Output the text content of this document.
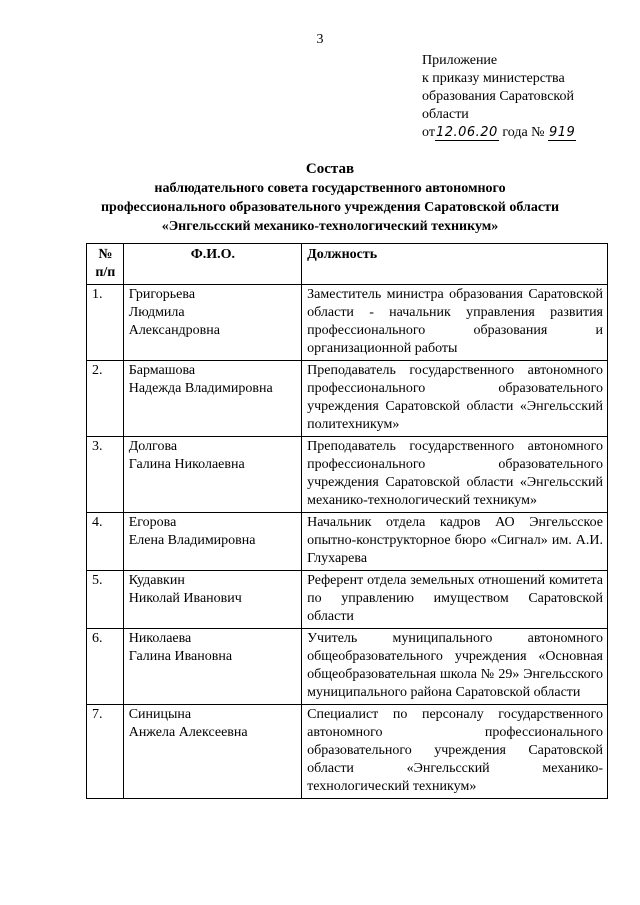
3
Приложение
к приказу министерства
образования Саратовской
области
от12.06.20 года № 919
Состав
наблюдательного совета государственного автономного
профессионального образовательного учреждения Саратовской области
«Энгельсский механико-технологический техникум»
№ п/п	Ф.И.О.	Должность
1.	Григорьева
Людмила
Александровна	Заместитель министра образования Саратовской области - начальник управления развития профессионального образования и организационной работы
2.	Бармашова
Надежда Владимировна	Преподаватель государственного автономного профессионального образовательного учреждения Саратовской области «Энгельсский политехникум»
3.	Долгова
Галина Николаевна	Преподаватель государственного автономного профессионального образовательного учреждения Саратовской области «Энгельсский механико-технологический техникум»
4.	Егорова
Елена Владимировна	Начальник отдела кадров АО Энгельсское опытно-конструкторное бюро «Сигнал» им. А.И. Глухарева
5.	Кудавкин
Николай Иванович	Референт отдела земельных отношений комитета по управлению имуществом Саратовской области
6.	Николаева
Галина Ивановна	Учитель муниципального автономного общеобразовательного учреждения «Основная общеобразовательная школа № 29» Энгельсского муниципального района Саратовской области
7.	Синицына
Анжела Алексеевна	Специалист по персоналу государственного автономного профессионального образовательного учреждения Саратовской области «Энгельсский механико-технологический техникум»
